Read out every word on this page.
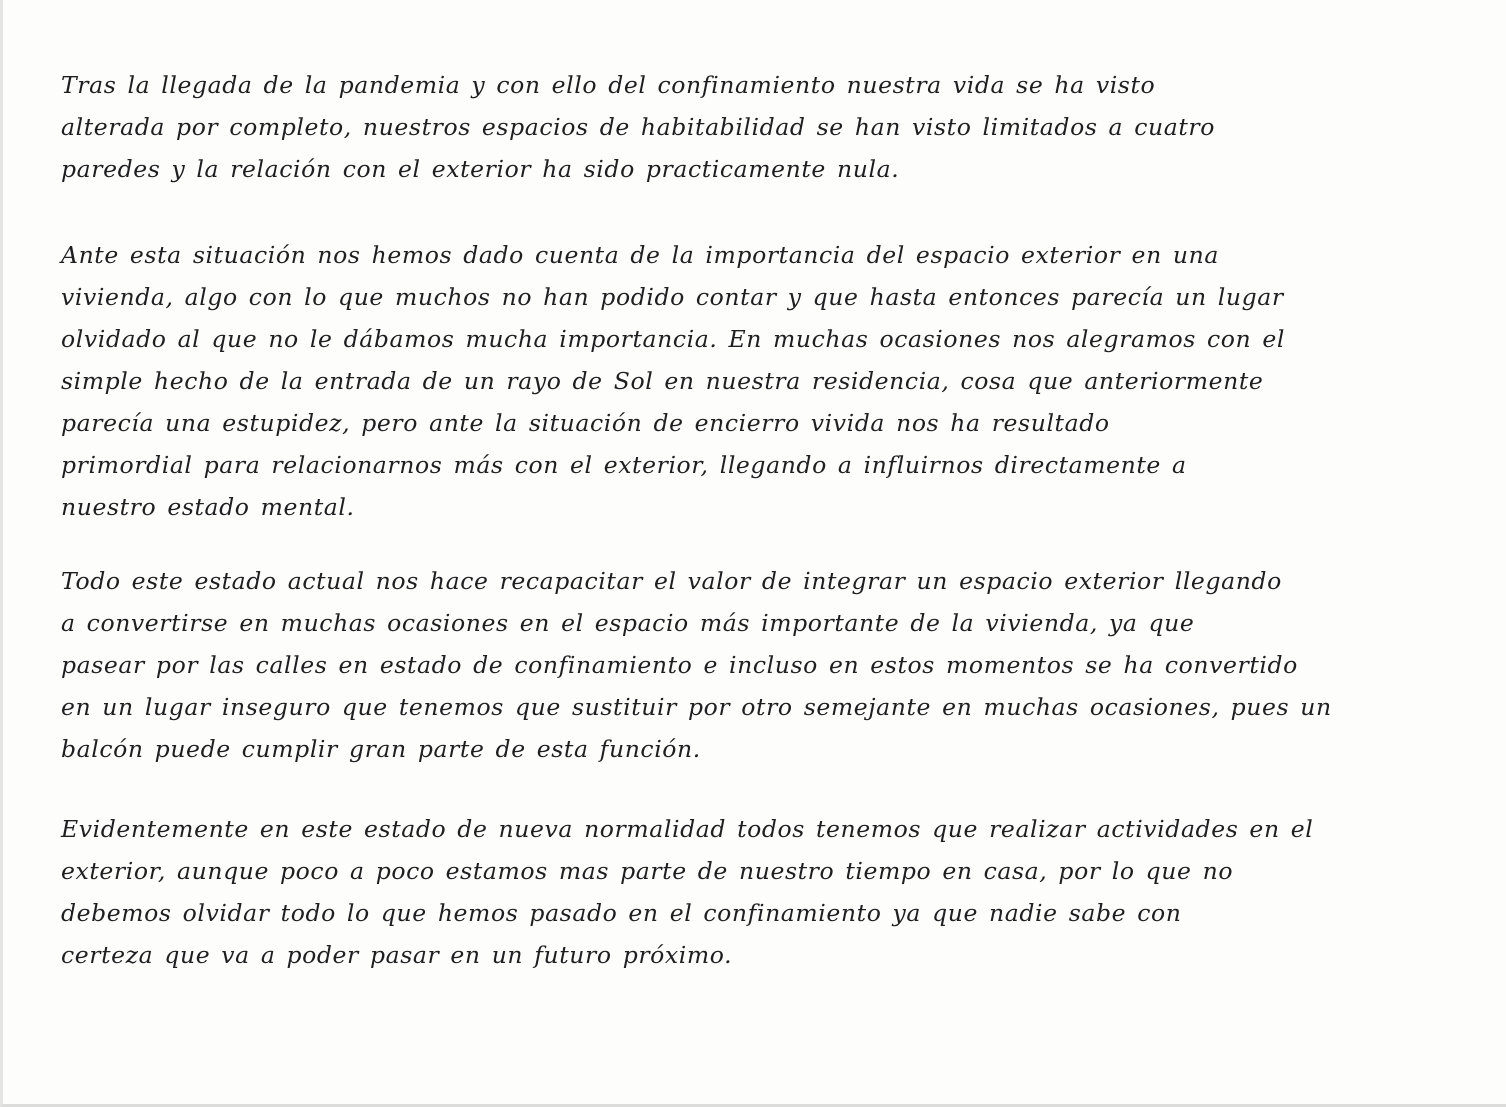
Tras la llegada de la pandemia y con ello del confinamiento nuestra vida se ha visto
alterada por completo, nuestros espacios de habitabilidad se han visto limitados a cuatro
paredes y la relación con el exterior ha sido practicamente nula.
Ante esta situación nos hemos dado cuenta de la importancia del espacio exterior en una
vivienda, algo con lo que muchos no han podido contar y que hasta entonces parecía un lugar
olvidado al que no le dábamos mucha importancia. En muchas ocasiones nos alegramos con el
simple hecho de la entrada de un rayo de Sol en nuestra residencia, cosa que anteriormente
parecía una estupidez, pero ante la situación de encierro vivida nos ha resultado
primordial para relacionarnos más con el exterior, llegando a influirnos directamente a
nuestro estado mental.
Todo este estado actual nos hace recapacitar el valor de integrar un espacio exterior llegando
a convertirse en muchas ocasiones en el espacio más importante de la vivienda, ya que
pasear por las calles en estado de confinamiento e incluso en estos momentos se ha convertido
en un lugar inseguro que tenemos que sustituir por otro semejante en muchas ocasiones, pues un
balcón puede cumplir gran parte de esta función.
Evidentemente en este estado de nueva normalidad todos tenemos que realizar actividades en el
exterior, aunque poco a poco estamos mas parte de nuestro tiempo en casa, por lo que no
debemos olvidar todo lo que hemos pasado en el confinamiento ya que nadie sabe con
certeza que va a poder pasar en un futuro próximo.
